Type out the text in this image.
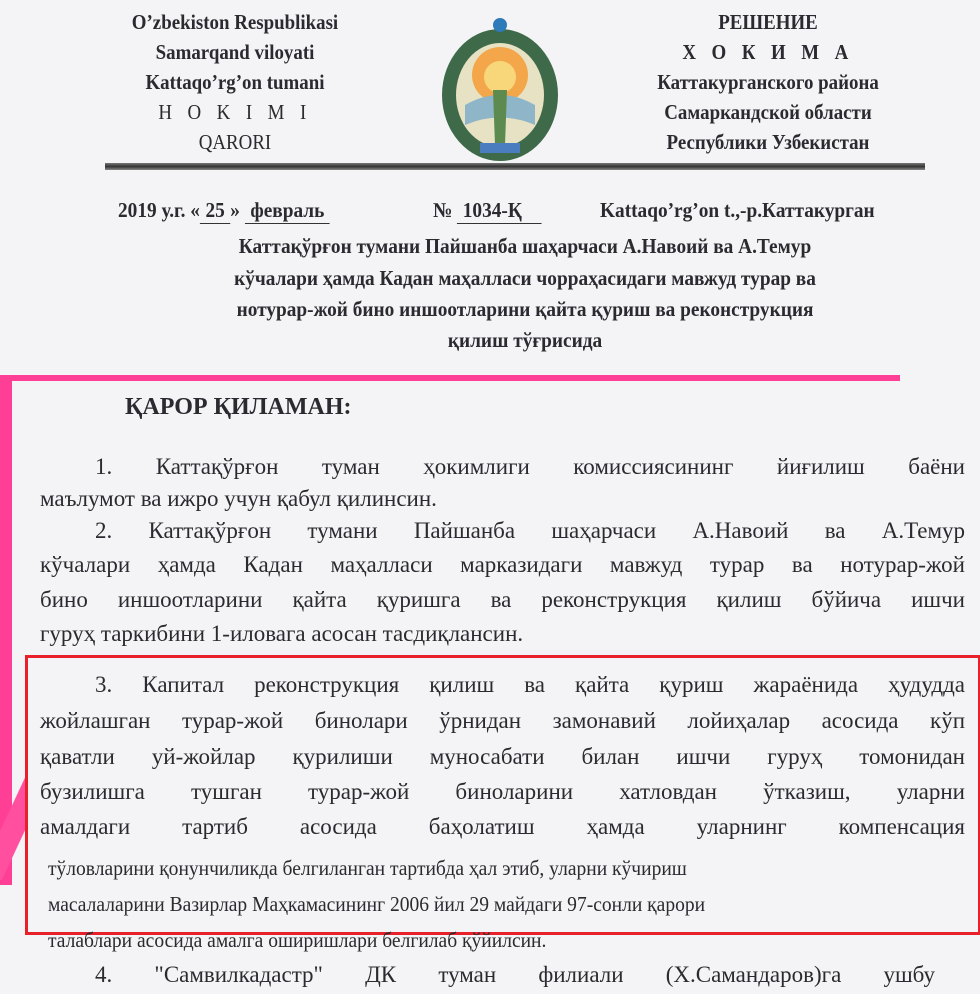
O’zbekiston Respublikasi
Samarqand viloyati
Kattaqo’rg’on tumani
H O K I M I
QARORI
РЕШЕНИЕ
Х О К И М А
Каттакурганского района
Самаркандской области
Республики Узбекистан
2019 у.г. « 25 » февраль	№ 1034-Қ	Kattaqo’rg’on t.,-р.Каттакурган
Каттақўрғон тумани Пайшанба шаҳарчаси А.Навоий ва А.Темур
кўчалари ҳамда Кадан маҳалласи чорраҳасидаги мавжуд турар ва
нотурар-жой бино иншоотларини қайта қуриш ва реконструкция
қилиш тўғрисида
ҚАРОР ҚИЛАМАН:
1. Каттақўрғон туман ҳокимлиги комиссиясининг йиғилиш баёни
маълумот ва ижро учун қабул қилинсин.
2. Каттақўрғон тумани Пайшанба шаҳарчаси А.Навоий ва А.Темур
кўчалари ҳамда Кадан маҳалласи марказидаги мавжуд турар ва нотурар-жой
бино иншоотларини қайта қуришга ва реконструкция қилиш бўйича ишчи
гуруҳ таркибини 1-иловага асосан тасдиқлансин.
3. Капитал реконструкция қилиш ва қайта қуриш жараёнида ҳудудда
жойлашган турар-жой бинолари ўрнидан замонавий лойиҳалар асосида кўп
қаватли уй-жойлар қурилиши муносабати билан ишчи гуруҳ томонидан
бузилишга тушган турар-жой биноларини хатловдан ўтказиш, уларни
амалдаги тартиб асосида баҳолатиш ҳамда уларнинг компенсация
тўловларини қонунчиликда белгиланган тартибда ҳал этиб, уларни кўчириш
масалаларини Вазирлар Маҳкамасининг 2006 йил 29 майдаги 97-сонли қарори
талаблари асосида амалга оширишлари белгилаб қўйилсин.
4. "Самвилкадастр" ДК туман филиали (Х.Самандаров)га ушбу
